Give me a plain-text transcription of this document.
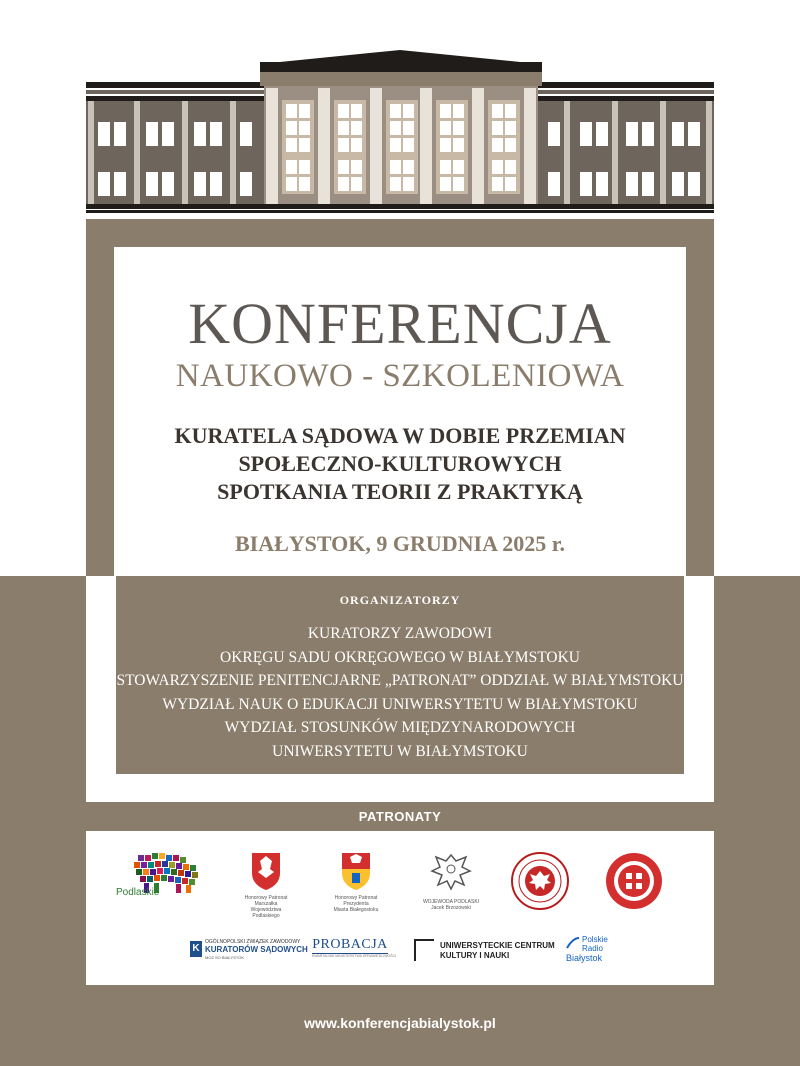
KONFERENCJA
NAUKOWO - SZKOLENIOWA
KURATELA SĄDOWA W DOBIE PRZEMIAN
SPOŁECZNO-KULTUROWYCH
SPOTKANIA TEORII Z PRAKTYKĄ
BIAŁYSTOK, 9 GRUDNIA 2025 r.
ORGANIZATORZY
KURATORZY ZAWODOWI
OKRĘGU SADU OKRĘGOWEGO W BIAŁYMSTOKU
STOWARZYSZENIE PENITENCJARNE „PATRONAT” ODDZIAŁ W BIAŁYMSTOKU
WYDZIAŁ NAUK O EDUKACJI UNIWERSYTETU W BIAŁYMSTOKU
WYDZIAŁ STOSUNKÓW MIĘDZYNARODOWYCH
UNIWERSYTETU W BIAŁYMSTOKU
PATRONATY
Podlaskie	Honorowy Patronat
Marszałka
Województwa Podlaskiego
Honorowy Patronat
Prezydenta
Miasta Białegostoku
WOJEWODA PODLASKI
Jacek Brzozowski
K
OGÓLNOPOLSKI ZWIĄZEK ZAWODOWY
KURATORÓW SĄDOWYCH
MOZ SO BIAŁYSTOK
PROBACJA
KWARTALNIK MINISTERSTWA SPRAWIEDLIWOŚCI
UNIWERSYTECKIE CENTRUM
KULTURY I NAUKI
Polskie
Radio
Białystok
www.konferencjabialystok.pl
